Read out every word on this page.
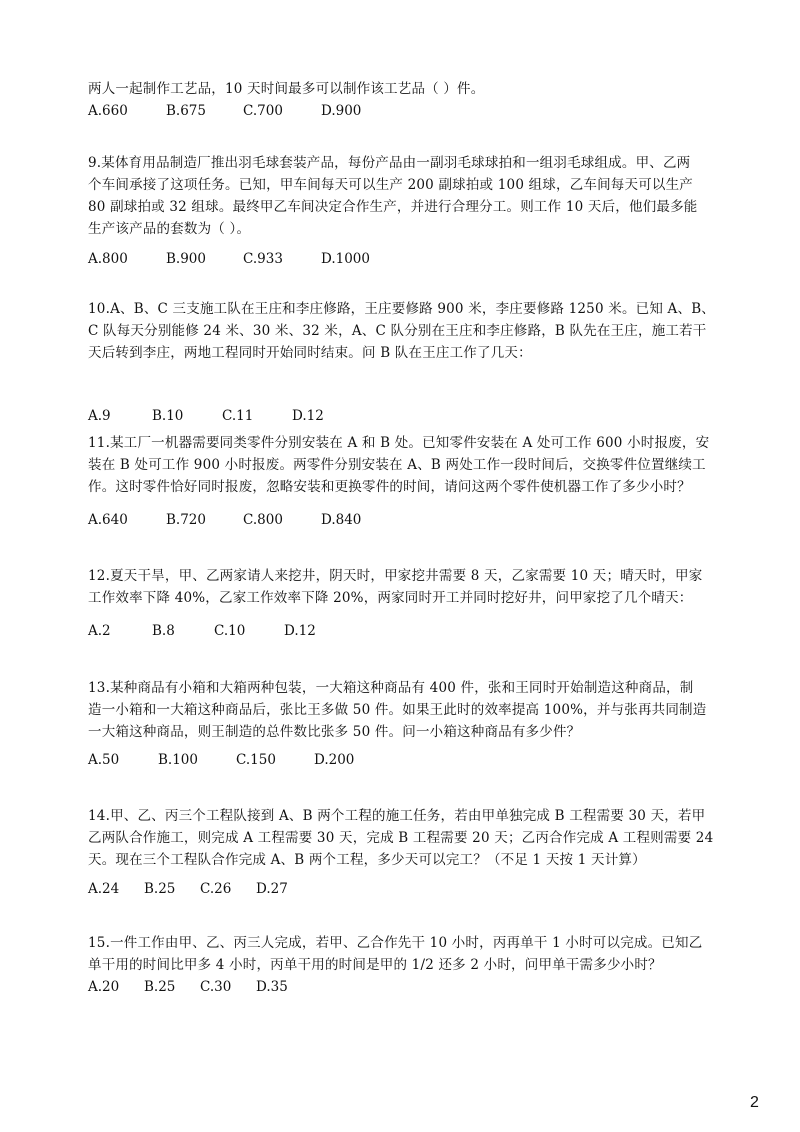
两人一起制作工艺品，10 天时间最多可以制作该工艺品（ ）件。
A.660	B.675	C.700	D.900
9.某体育用品制造厂推出羽毛球套装产品，每份产品由一副羽毛球球拍和一组羽毛球组成。甲、乙两
个车间承接了这项任务。已知，甲车间每天可以生产 200 副球拍或 100 组球，乙车间每天可以生产
80 副球拍或 32 组球。最终甲乙车间决定合作生产，并进行合理分工。则工作 10 天后，他们最多能
生产该产品的套数为（ ）。
A.800	B.900	C.933	D.1000
10.A、B、C 三支施工队在王庄和李庄修路，王庄要修路 900 米，李庄要修路 1250 米。已知 A、B、
C 队每天分别能修 24 米、30 米、32 米，A、C 队分别在王庄和李庄修路，B 队先在王庄，施工若干
天后转到李庄，两地工程同时开始同时结束。问 B 队在王庄工作了几天：
A.9	B.10	C.11	D.12
11.某工厂一机器需要同类零件分别安装在 A 和 B 处。已知零件安装在 A 处可工作 600 小时报废，安
装在 B 处可工作 900 小时报废。两零件分别安装在 A、B 两处工作一段时间后，交换零件位置继续工
作。这时零件恰好同时报废，忽略安装和更换零件的时间，请问这两个零件使机器工作了多少小时？
A.640	B.720	C.800	D.840
12.夏天干旱，甲、乙两家请人来挖井，阴天时，甲家挖井需要 8 天，乙家需要 10 天；晴天时，甲家
工作效率下降 40%，乙家工作效率下降 20%，两家同时开工并同时挖好井，问甲家挖了几个晴天：
A.2	B.8	C.10	D.12
13.某种商品有小箱和大箱两种包装，一大箱这种商品有 400 件，张和王同时开始制造这种商品，制
造一小箱和一大箱这种商品后，张比王多做 50 件。如果王此时的效率提高 100%，并与张再共同制造
一大箱这种商品，则王制造的总件数比张多 50 件。问一小箱这种商品有多少件？
A.50	B.100	C.150	D.200
14.甲、乙、丙三个工程队接到 A、B 两个工程的施工任务，若由甲单独完成 B 工程需要 30 天，若甲
乙两队合作施工，则完成 A 工程需要 30 天，完成 B 工程需要 20 天；乙丙合作完成 A 工程则需要 24
天。现在三个工程队合作完成 A、B 两个工程，多少天可以完工？（不足 1 天按 1 天计算）
A.24 B.25 C.26 D.27
15.一件工作由甲、乙、丙三人完成，若甲、乙合作先干 10 小时，丙再单干 1 小时可以完成。已知乙
单干用的时间比甲多 4 小时，丙单干用的时间是甲的 1/2 还多 2 小时，问甲单干需多少小时？
A.20 B.25 C.30 D.35
2
